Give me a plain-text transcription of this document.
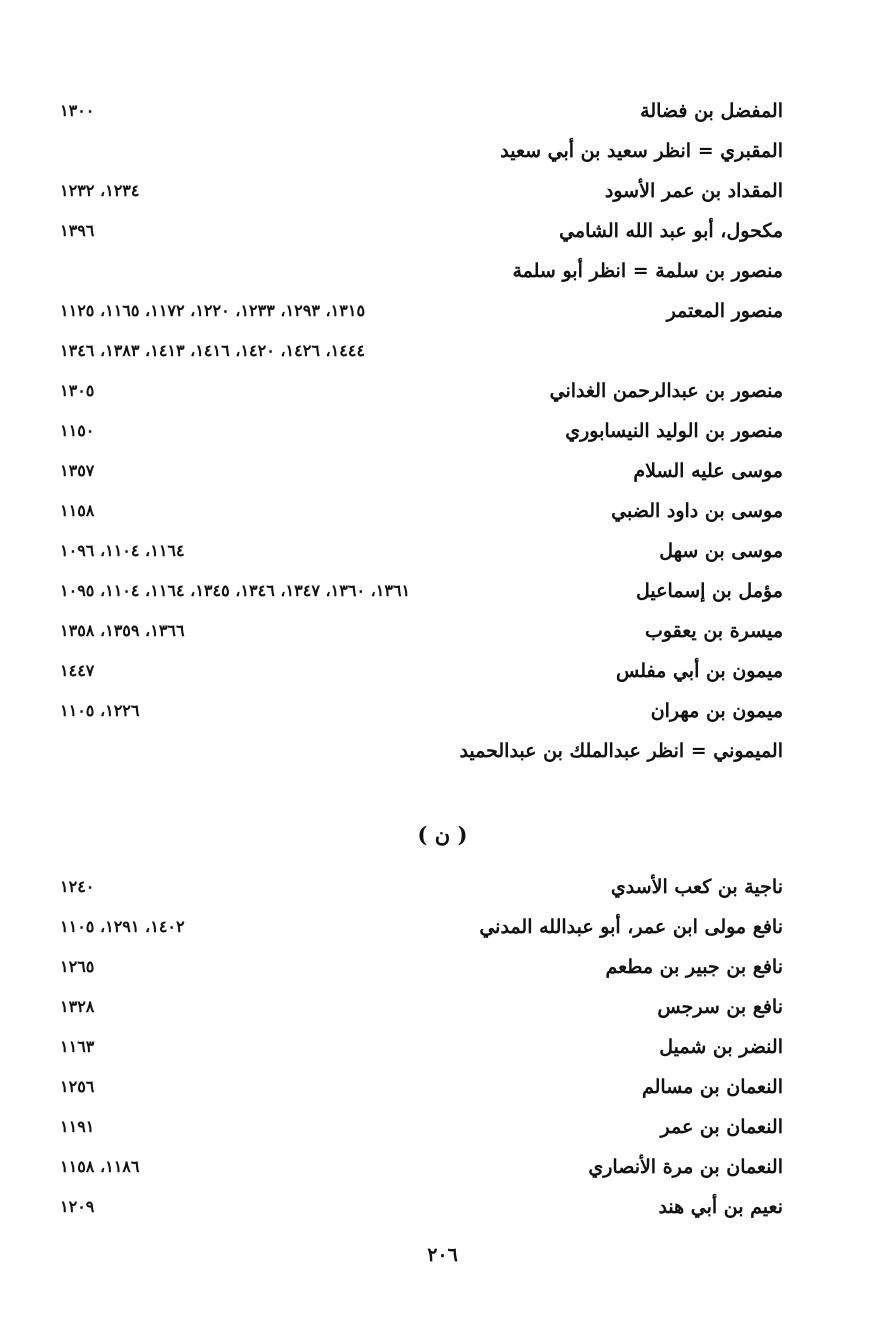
المفضل بن فضالة
١٣٠٠
المقبري = انظر سعيد بن أبي سعيد
المقداد بن عمر الأسود
١٢٣٤، ١٢٣٢
مكحول، أبو عبد الله الشامي
١٣٩٦
منصور بن سلمة = انظر أبو سلمة
منصور المعتمر
١٣١٥، ١٢٩٣، ١٢٣٣، ١٢٢٠، ١١٧٢، ١١٦٥، ١١٢٥
١٤٤٤، ١٤٢٦، ١٤٢٠، ١٤١٦، ١٤١٣، ١٣٨٣، ١٣٤٦
منصور بن عبدالرحمن الغداني
١٣٠٥
منصور بن الوليد النيسابوري
١١٥٠
موسى عليه السلام
١٣٥٧
موسى بن داود الضبي
١١٥٨
موسى بن سهل
١١٦٤، ١١٠٤، ١٠٩٦
مؤمل بن إسماعيل
١٣٦١، ١٣٦٠، ١٣٤٧، ١٣٤٦، ١٣٤٥، ١١٦٤، ١١٠٤، ١٠٩٥
ميسرة بن يعقوب
١٣٦٦، ١٣٥٩، ١٣٥٨
ميمون بن أبي مفلس
١٤٤٧
ميمون بن مهران
١٢٢٦، ١١٠٥
الميموني = انظر عبدالملك بن عبدالحميد
( ن )
ناجية بن كعب الأسدي
١٢٤٠
نافع مولى ابن عمر، أبو عبدالله المدني
١٤٠٢، ١٢٩١، ١١٠٥
نافع بن جبير بن مطعم
١٢٦٥
نافع بن سرجس
١٣٢٨
النضر بن شميل
١١٦٣
النعمان بن مسالم
١٢٥٦
النعمان بن عمر
١١٩١
النعمان بن مرة الأنصاري
١١٨٦، ١١٥٨
نعيم بن أبي هند
١٢٠٩
٢٠٦
